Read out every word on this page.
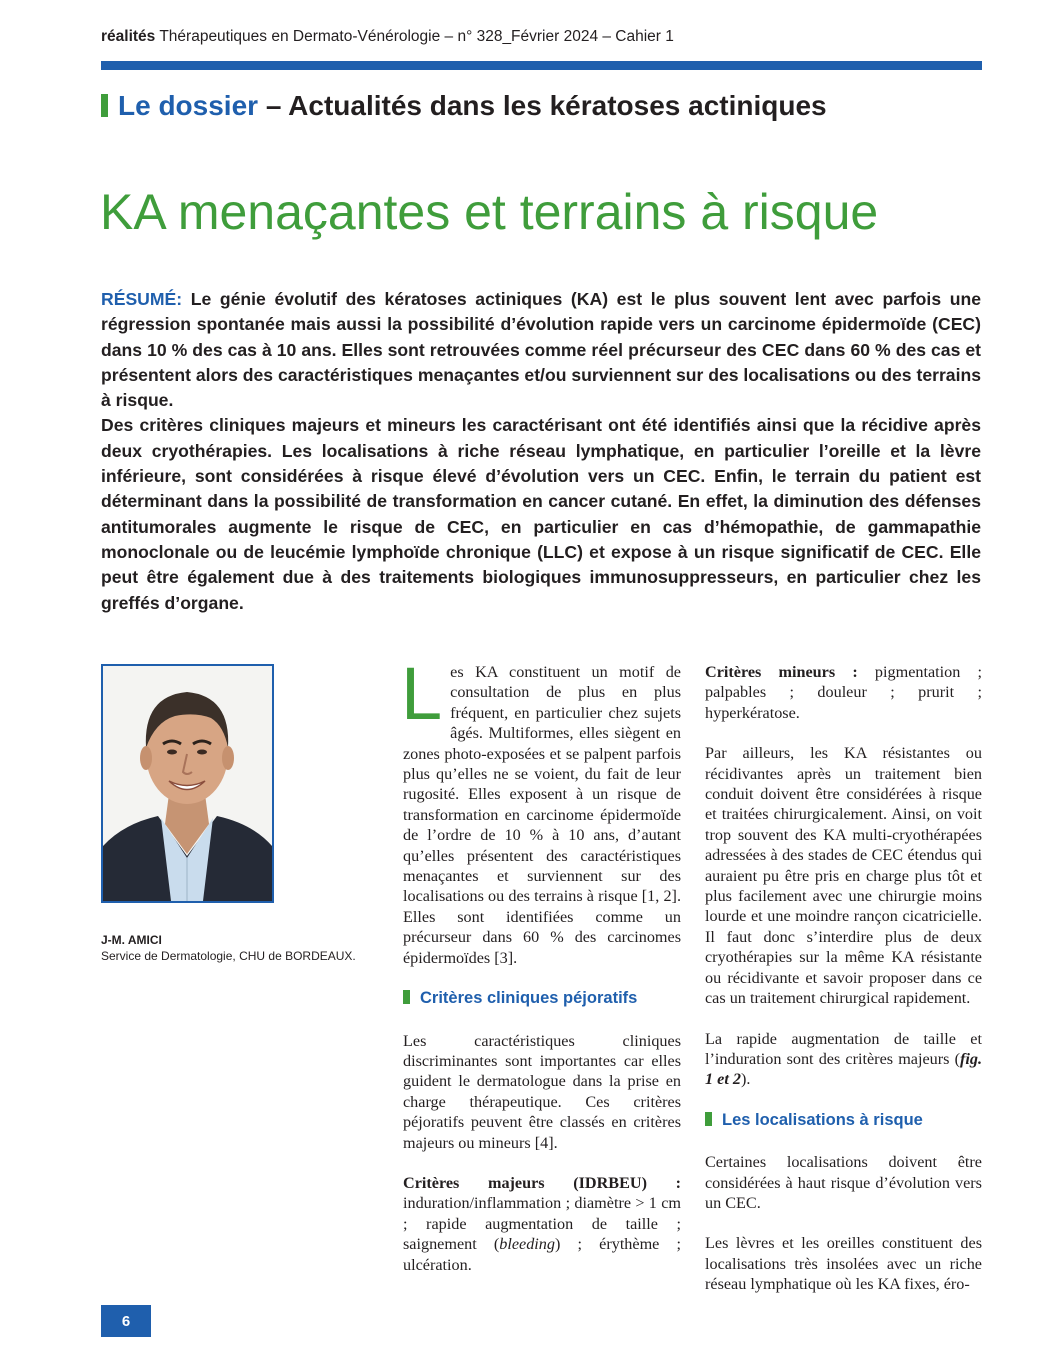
réalités Thérapeutiques en Dermato-Vénérologie – n° 328_Février 2024 – Cahier 1
Le dossier – Actualités dans les kératoses actiniques
KA menaçantes et terrains à risque

RÉSUMÉ: Le génie évolutif des kératoses actiniques (KA) est le plus souvent lent avec parfois une régression spontanée mais aussi la possibilité d’évolution rapide vers un carcinome épidermoïde (CEC) dans 10 % des cas à 10 ans. Elles sont retrouvées comme réel précurseur des CEC dans 60 % des cas et présentent alors des caractéristiques menaçantes et/ou surviennent sur des localisations ou des terrains à risque.

Des critères cliniques majeurs et mineurs les caractérisant ont été identifiés ainsi que la récidive après deux cryothérapies. Les localisations à riche réseau lymphatique, en particulier l’oreille et la lèvre inférieure, sont considérées à risque élevé d’évolution vers un CEC. Enfin, le terrain du patient est déterminant dans la possibilité de transformation en cancer cutané. En effet, la diminution des défenses antitumorales augmente le risque de CEC, en particulier en cas d’hémopathie, de gammapathie monoclonale ou de leucémie lymphoïde chronique (LLC) et expose à un risque significatif de CEC. Elle peut être également due à des traitements biologiques immunosuppresseurs, en particulier chez les greffés d’organe.

J-M. AMICI
Service de Dermatologie, CHU de BORDEAUX.

Les KA constituent un motif de consultation de plus en plus fréquent, en particulier chez sujets âgés. Multiformes, elles siègent en zones photo-exposées et se palpent parfois plus qu’elles ne se voient, du fait de leur rugosité. Elles exposent à un risque de transformation en carcinome épidermoïde de l’ordre de 10 % à 10 ans, d’autant qu’elles présentent des caractéristiques menaçantes et surviennent sur des localisations ou des terrains à risque [1, 2]. Elles sont identifiées comme un précurseur dans 60 % des carcinomes épidermoïdes [3].

Critères cliniques péjoratifs

Les caractéristiques cliniques discriminantes sont importantes car elles guident le dermatologue dans la prise en charge thérapeutique. Ces critères péjoratifs peuvent être classés en critères majeurs ou mineurs [4].

Critères majeurs (IDRBEU) : induration/inflammation ; diamètre > 1 cm ; rapide augmentation de taille ; saignement (bleeding) ; érythème ; ulcération.

Critères mineurs : pigmentation ; palpables ; douleur ; prurit ; hyperkératose.

Par ailleurs, les KA résistantes ou récidivantes après un traitement bien conduit doivent être considérées à risque et traitées chirurgicalement. Ainsi, on voit trop souvent des KA multi-cryothérapées adressées à des stades de CEC étendus qui auraient pu être pris en charge plus tôt et plus facilement avec une chirurgie moins lourde et une moindre rançon cicatricielle. Il faut donc s’interdire plus de deux cryothérapies sur la même KA résistante ou récidivante et savoir proposer dans ce cas un traitement chirurgical rapidement.

La rapide augmentation de taille et l’induration sont des critères majeurs (fig. 1 et 2).

Les localisations à risque

Certaines localisations doivent être considérées à haut risque d’évolution vers un CEC.

Les lèvres et les oreilles constituent des localisations très insolées avec un riche réseau lymphatique où les KA fixes, éro-

6
